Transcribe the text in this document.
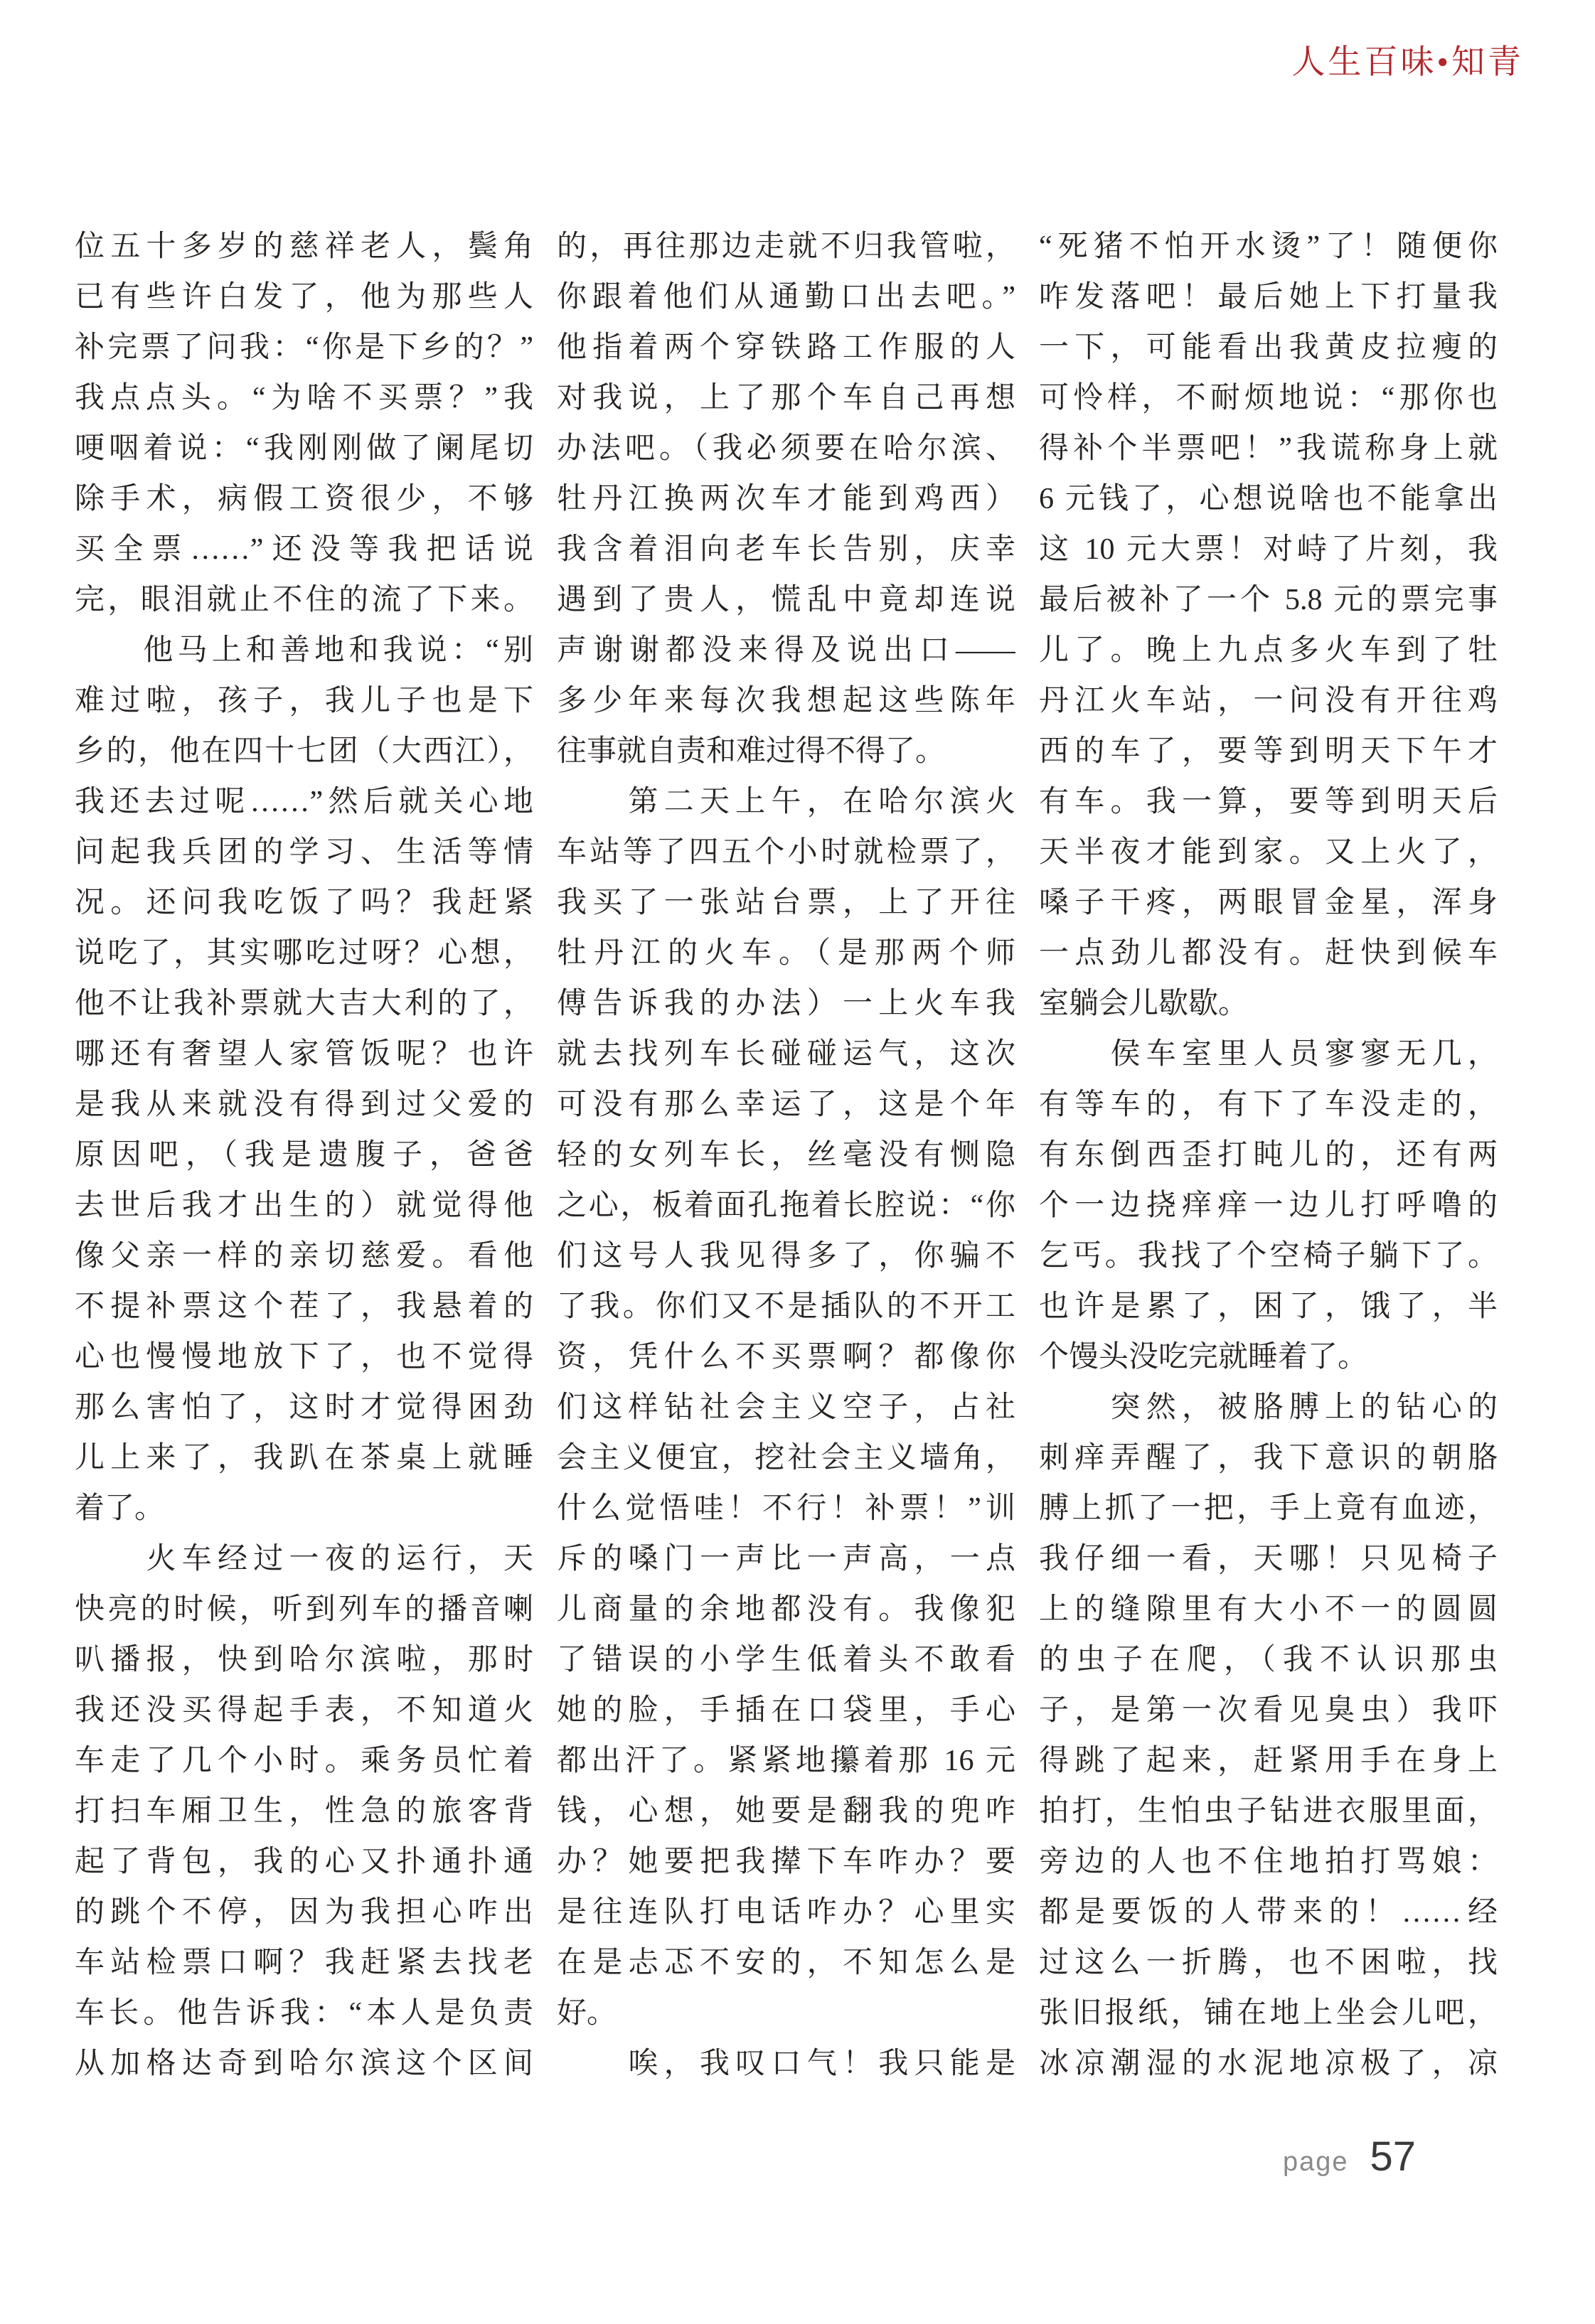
人生百味•知青
位五十多岁的慈祥老人，鬓角
已有些许白发了，他为那些人
补完票了问我：“你是下乡的？”
我点点头。“为啥不买票？”我
哽咽着说：“我刚刚做了阑尾切
除手术，病假工资很少，不够
买全票……”还没等我把话说
完，眼泪就止不住的流了下来。
　　他马上和善地和我说：“别
难过啦，孩子，我儿子也是下
乡的，他在四十七团（大西江），
我还去过呢……”然后就关心地
问起我兵团的学习、生活等情
况。还问我吃饭了吗？我赶紧
说吃了，其实哪吃过呀？心想，
他不让我补票就大吉大利的了，
哪还有奢望人家管饭呢？也许
是我从来就没有得到过父爱的
原因吧，（我是遗腹子，爸爸
去世后我才出生的）就觉得他
像父亲一样的亲切慈爱。看他
不提补票这个茬了，我悬着的
心也慢慢地放下了，也不觉得
那么害怕了，这时才觉得困劲
儿上来了，我趴在茶桌上就睡
着了。
　　火车经过一夜的运行，天
快亮的时候，听到列车的播音喇
叭播报，快到哈尔滨啦，那时
我还没买得起手表，不知道火
车走了几个小时。乘务员忙着
打扫车厢卫生，性急的旅客背
起了背包，我的心又扑通扑通
的跳个不停，因为我担心咋出
车站检票口啊？我赶紧去找老
车长。他告诉我：“本人是负责
从加格达奇到哈尔滨这个区间
的，再往那边走就不归我管啦，
你跟着他们从通勤口出去吧。”
他指着两个穿铁路工作服的人
对我说，上了那个车自己再想
办法吧。（我必须要在哈尔滨、
牡丹江换两次车才能到鸡西）
我含着泪向老车长告别，庆幸
遇到了贵人，慌乱中竟却连说
声谢谢都没来得及说出口——
多少年来每次我想起这些陈年
往事就自责和难过得不得了。
　　第二天上午，在哈尔滨火
车站等了四五个小时就检票了，
我买了一张站台票，上了开往
牡丹江的火车。（是那两个师
傅告诉我的办法）一上火车我
就去找列车长碰碰运气，这次
可没有那么幸运了，这是个年
轻的女列车长，丝毫没有恻隐
之心，板着面孔拖着长腔说：“你
们这号人我见得多了，你骗不
了我。你们又不是插队的不开工
资，凭什么不买票啊？都像你
们这样钻社会主义空子，占社
会主义便宜，挖社会主义墙角，
什么觉悟哇！不行！补票！”训
斥的嗓门一声比一声高，一点
儿商量的余地都没有。我像犯
了错误的小学生低着头不敢看
她的脸，手插在口袋里，手心
都出汗了。紧紧地攥着那 16 元
钱，心想，她要是翻我的兜咋
办？她要把我撵下车咋办？要
是往连队打电话咋办？心里实
在是忐忑不安的，不知怎么是
好。
　　唉，我叹口气！我只能是
“死猪不怕开水烫”了！随便你
咋发落吧！最后她上下打量我
一下，可能看出我黄皮拉瘦的
可怜样，不耐烦地说：“那你也
得补个半票吧！”我谎称身上就
6 元钱了，心想说啥也不能拿出
这 10 元大票！对峙了片刻，我
最后被补了一个 5.8 元的票完事
儿了。晚上九点多火车到了牡
丹江火车站，一问没有开往鸡
西的车了，要等到明天下午才
有车。我一算，要等到明天后
天半夜才能到家。又上火了，
嗓子干疼，两眼冒金星，浑身
一点劲儿都没有。赶快到候车
室躺会儿歇歇。
　　侯车室里人员寥寥无几，
有等车的，有下了车没走的，
有东倒西歪打盹儿的，还有两
个一边挠痒痒一边儿打呼噜的
乞丐。我找了个空椅子躺下了。
也许是累了，困了，饿了，半
个馒头没吃完就睡着了。
　　突然，被胳膊上的钻心的
刺痒弄醒了，我下意识的朝胳
膊上抓了一把，手上竟有血迹，
我仔细一看，天哪！只见椅子
上的缝隙里有大小不一的圆圆
的虫子在爬，（我不认识那虫
子，是第一次看见臭虫）我吓
得跳了起来，赶紧用手在身上
拍打，生怕虫子钻进衣服里面，
旁边的人也不住地拍打骂娘：
都是要饭的人带来的！……经
过这么一折腾，也不困啦，找
张旧报纸，铺在地上坐会儿吧，
冰凉潮湿的水泥地凉极了，凉
page 57
